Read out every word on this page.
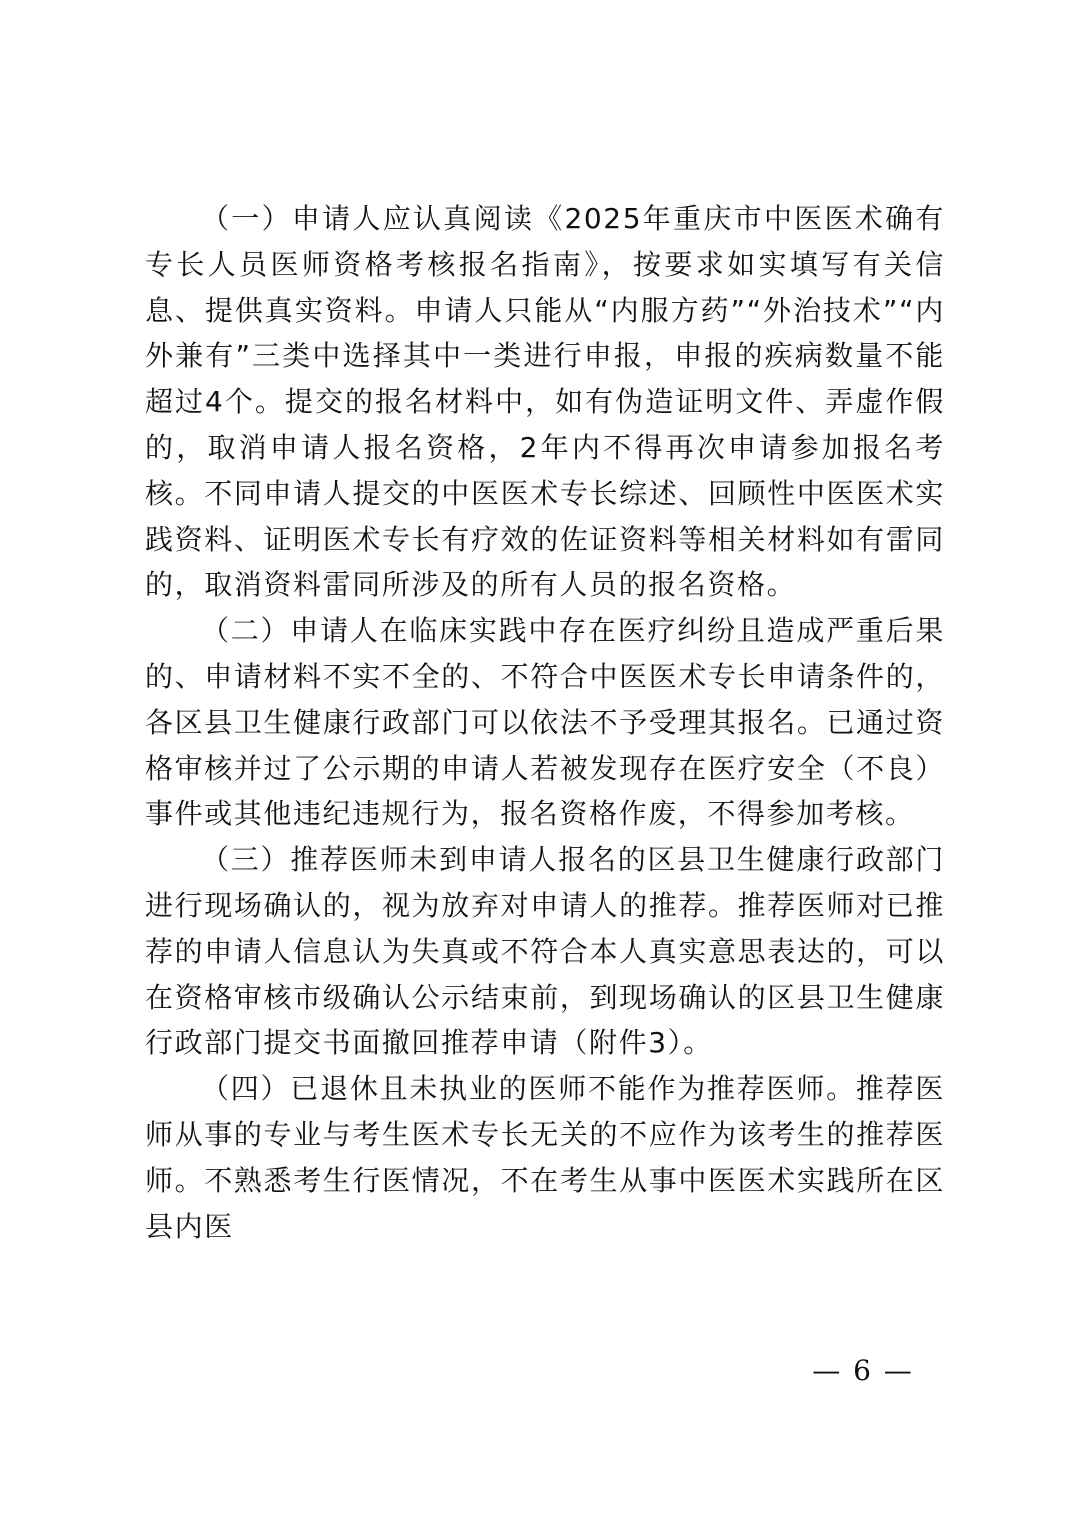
（一）申请人应认真阅读《2025年重庆市中医医术确有专长人员医师资格考核报名指南》，按要求如实填写有关信息、提供真实资料。申请人只能从“内服方药”“外治技术”“内外兼有”三类中选择其中一类进行申报，申报的疾病数量不能超过4个。提交的报名材料中，如有伪造证明文件、弄虚作假的，取消申请人报名资格，2年内不得再次申请参加报名考核。不同申请人提交的中医医术专长综述、回顾性中医医术实践资料、证明医术专长有疗效的佐证资料等相关材料如有雷同的，取消资料雷同所涉及的所有人员的报名资格。

（二）申请人在临床实践中存在医疗纠纷且造成严重后果的、申请材料不实不全的、不符合中医医术专长申请条件的，各区县卫生健康行政部门可以依法不予受理其报名。已通过资格审核并过了公示期的申请人若被发现存在医疗安全（不良）事件或其他违纪违规行为，报名资格作废，不得参加考核。

（三）推荐医师未到申请人报名的区县卫生健康行政部门进行现场确认的，视为放弃对申请人的推荐。推荐医师对已推荐的申请人信息认为失真或不符合本人真实意思表达的，可以在资格审核市级确认公示结束前，到现场确认的区县卫生健康行政部门提交书面撤回推荐申请（附件3）。

（四）已退休且未执业的医师不能作为推荐医师。推荐医师从事的专业与考生医术专长无关的不应作为该考生的推荐医师。不熟悉考生行医情况，不在考生从事中医医术实践所在区县内医

— 6 —
